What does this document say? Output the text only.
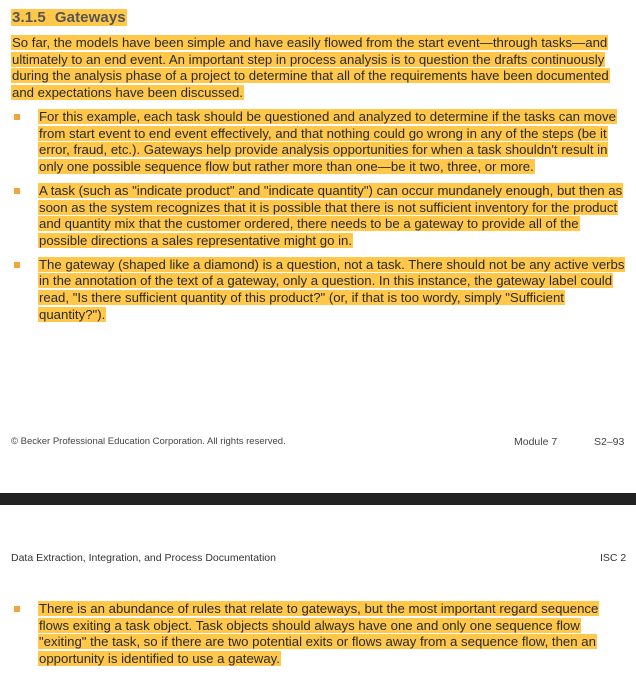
3.1.5 Gateways
So far, the models have been simple and have easily flowed from the start event—through tasks—and ultimately to an end event. An important step in process analysis is to question the drafts continuously during the analysis phase of a project to determine that all of the requirements have been documented and expectations have been discussed.
For this example, each task should be questioned and analyzed to determine if the tasks can move from start event to end event effectively, and that nothing could go wrong in any of the steps (be it error, fraud, etc.). Gateways help provide analysis opportunities for when a task shouldn't result in only one possible sequence flow but rather more than one—be it two, three, or more.
A task (such as "indicate product" and "indicate quantity") can occur mundanely enough, but then as soon as the system recognizes that it is possible that there is not sufficient inventory for the product and quantity mix that the customer ordered, there needs to be a gateway to provide all of the possible directions a sales representative might go in.
The gateway (shaped like a diamond) is a question, not a task. There should not be any active verbs in the annotation of the text of a gateway, only a question. In this instance, the gateway label could read, "Is there sufficient quantity of this product?" (or, if that is too wordy, simply "Sufficient quantity?").
© Becker Professional Education Corporation. All rights reserved.	Module 7	S2–93
Data Extraction, Integration, and Process Documentation	ISC 2
There is an abundance of rules that relate to gateways, but the most important regard sequence flows exiting a task object. Task objects should always have one and only one sequence flow "exiting" the task, so if there are two potential exits or flows away from a sequence flow, then an opportunity is identified to use a gateway.
